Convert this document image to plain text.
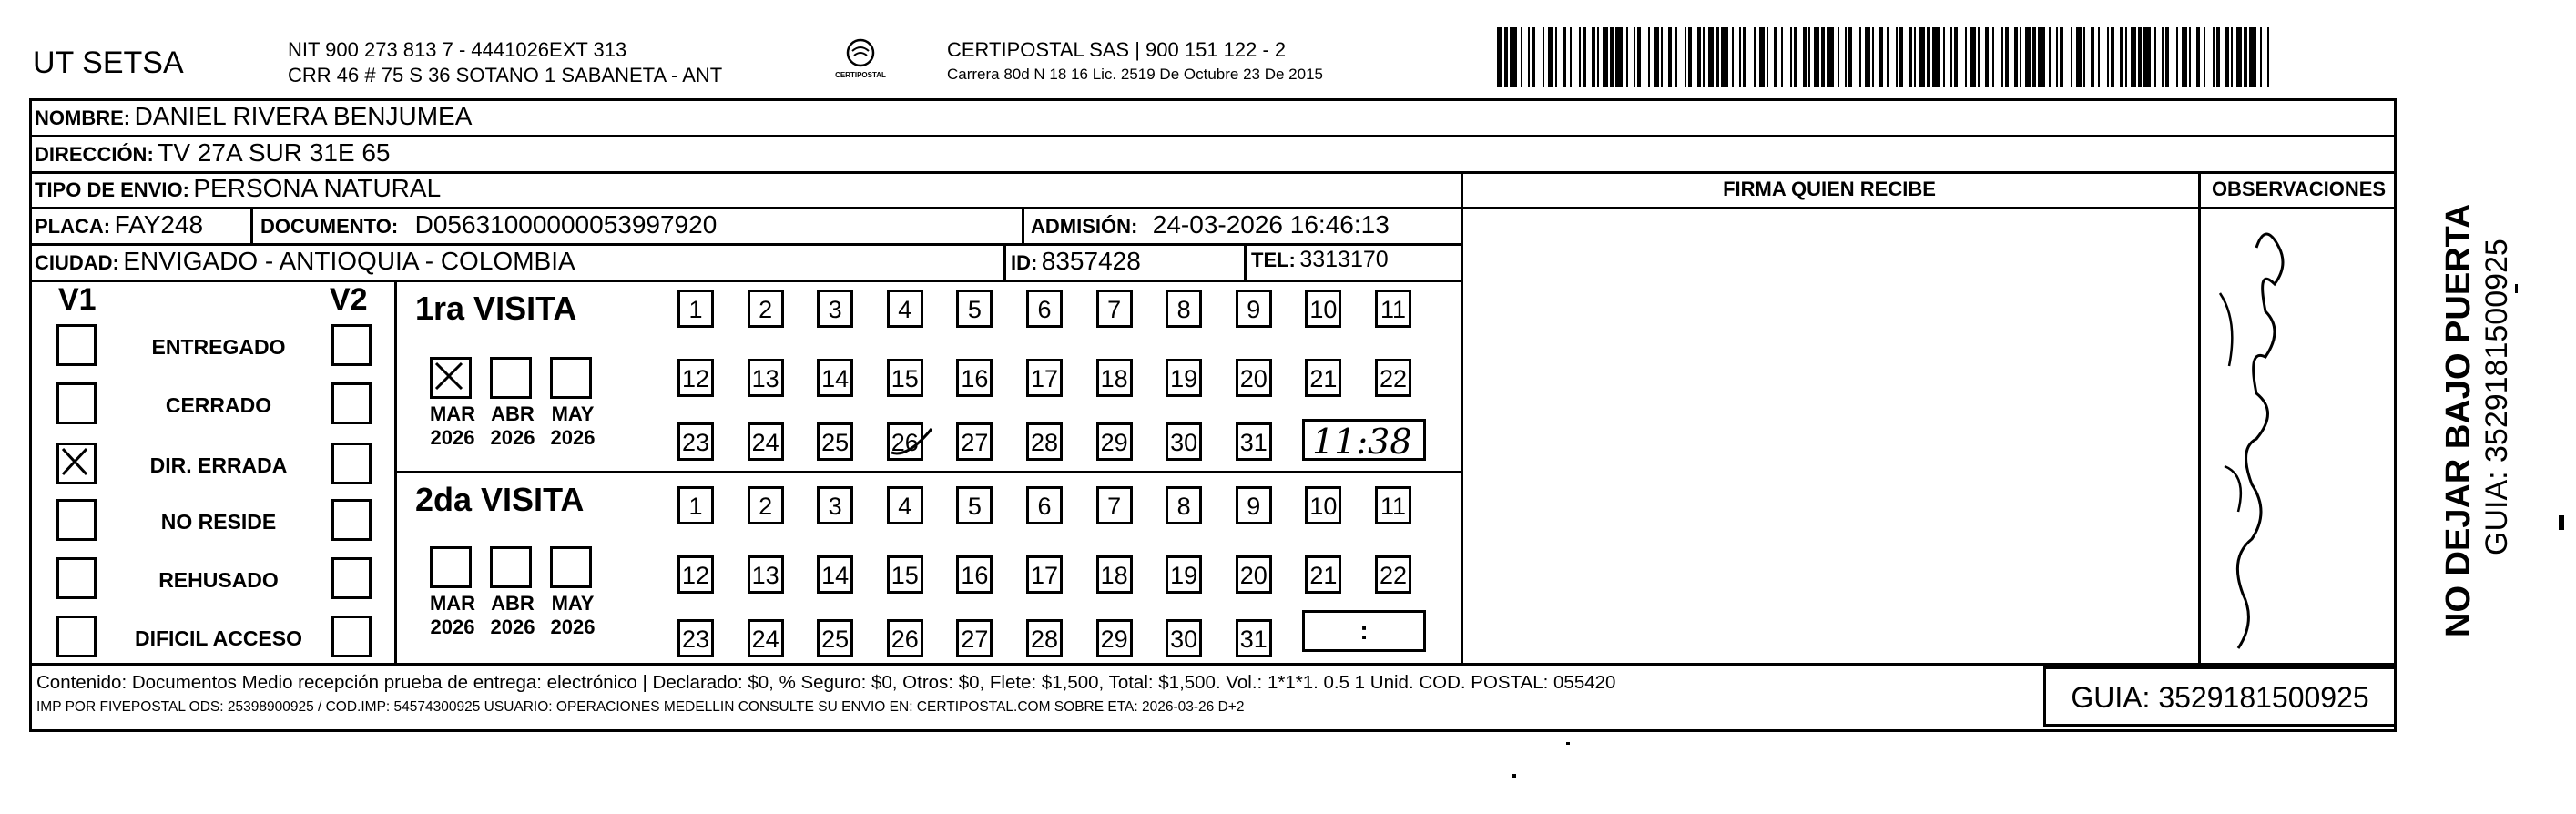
UT SETSA	NIT 900 273 813 7 - 4441026EXT 313
CRR 46 # 75 S 36 SOTANO 1 SABANETA - ANT	CERTIPOSTAL
CERTIPOSTAL SAS | 900 151 122 - 2
Carrera 80d N 18 16 Lic. 2519 De Octubre 23 De 2015
NOMBRE: DANIEL RIVERA BENJUMEA
DIRECCIÓN: TV 27A SUR 31E 65
TIPO DE ENVIO: PERSONA NATURAL
PLACA: FAY248	DOCUMENTO: D05631000000053997920	ADMISIÓN: 24-03-2026 16:46:13
CIUDAD: ENVIGADO - ANTIOQUIA - COLOMBIA	ID: 8357428	TEL: 3313170
FIRMA QUIEN RECIBE	OBSERVACIONES
V1	V2
ENTREGADO
CERRADO
DIR. ERRADA
NO RESIDE
REHUSADO
DIFICIL ACCESO
1ra VISITA
MAR
2026
ABR
2026
MAY
2026
1	2	3	4	5	6	7	8	9	10 11
12 13 14 15 16 17 18 19 20 21 22
23 24 25 26 27 28 29 30 31
2da VISITA
MAR
2026
ABR
2026
MAY
2026
1	2	3	4	5	6	7	8	9	10 11
12 13 14 15 16 17 18 19 20 21 22
23 24 25 26 27 28 29 30 31
11:38
:
Contenido: Documentos Medio recepción prueba de entrega: electrónico | Declarado: $0, % Seguro: $0, Otros: $0, Flete: $1,500, Total: $1,500. Vol.: 1*1*1. 0.5 1 Unid. COD. POSTAL: 055420
IMP POR FIVEPOSTAL ODS: 25398900925 / COD.IMP: 54574300925 USUARIO: OPERACIONES MEDELLIN CONSULTE SU ENVIO EN: CERTIPOSTAL.COM SOBRE ETA: 2026-03-26 D+2	GUIA: 3529181500925
NO DEJAR BAJO PUERTA GUIA: 3529181500925
